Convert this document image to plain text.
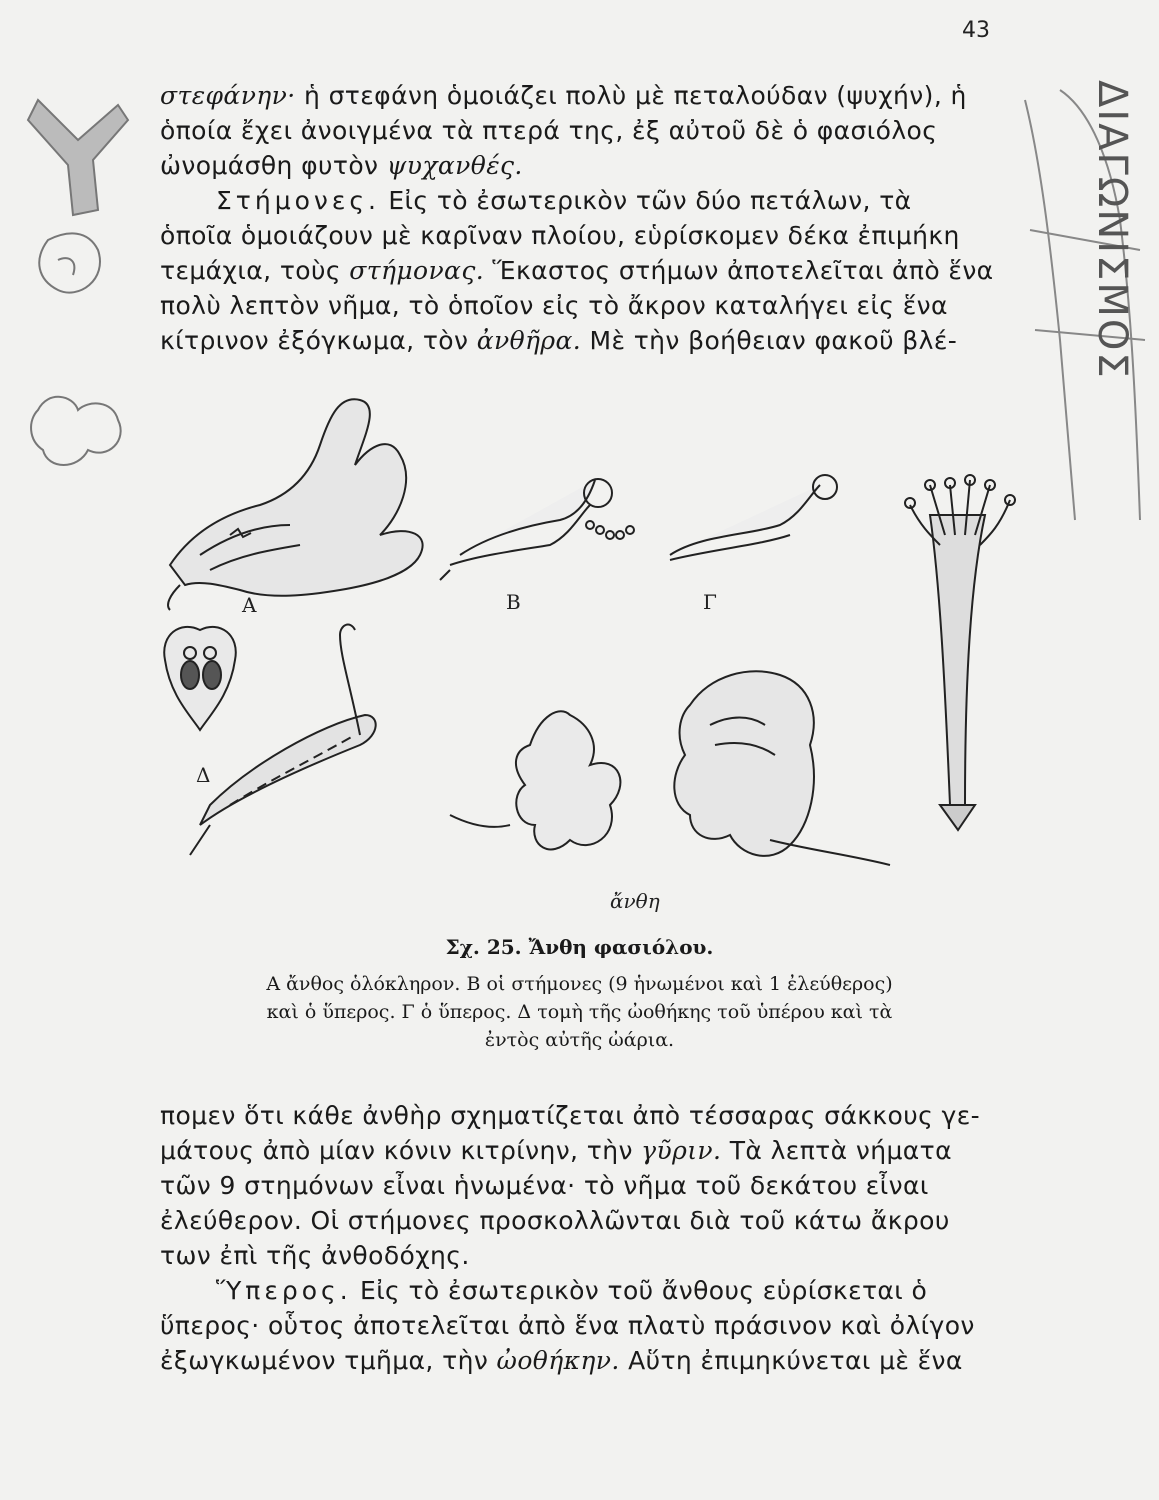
43
στεφάνην· ἡ στεφάνη ὁμοιάζει πολὺ μὲ πεταλούδαν (ψυχήν), ἡ
ὁποία ἔχει ἀνοιγμένα τὰ πτερά της, ἐξ αὐτοῦ δὲ ὁ φασιόλος
ὠνομάσθη φυτὸν ψυχανθές.
Στήμονες. Εἰς τὸ ἐσωτερικὸν τῶν δύο πετάλων, τὰ
ὁποῖα ὁμοιάζουν μὲ καρῖναν πλοίου, εὑρίσκομεν δέκα ἐπιμήκη
τεμάχια, τοὺς στήμονας. Ἕκαστος στήμων ἀποτελεῖται ἀπὸ ἕνα
πολὺ λεπτὸν νῆμα, τὸ ὁποῖον εἰς τὸ ἄκρον καταλήγει εἰς ἕνα
κίτρινον ἐξόγκωμα, τὸν ἀνθῆρα. Μὲ τὴν βοήθειαν φακοῦ βλέ-
Α	Β	Γ
Δ
ἄνθη
Σχ. 25. Ἄνθη φασιόλου.
Α ἄνθος ὁλόκληρον. Β οἱ στήμονες (9 ἡνωμένοι καὶ 1 ἐλεύθερος)
καὶ ὁ ὕπερος. Γ ὁ ὕπερος. Δ τομὴ τῆς ὠοθήκης τοῦ ὑπέρου καὶ τὰ
ἐντὸς αὐτῆς ὠάρια.
πομεν ὅτι κάθε ἀνθὴρ σχηματίζεται ἀπὸ τέσσαρας σάκκους γε-
μάτους ἀπὸ μίαν κόνιν κιτρίνην, τὴν γῦριν. Τὰ λεπτὰ νήματα
τῶν 9 στημόνων εἶναι ἡνωμένα· τὸ νῆμα τοῦ δεκάτου εἶναι
ἐλεύθερον. Οἱ στήμονες προσκολλῶνται διὰ τοῦ κάτω ἄκρου
των ἐπὶ τῆς ἀνθοδόχης.
Ὕπερος. Εἰς τὸ ἐσωτερικὸν τοῦ ἄνθους εὑρίσκεται ὁ
ὕπερος· οὗτος ἀποτελεῖται ἀπὸ ἕνα πλατὺ πράσινον καὶ ὀλίγον
ἐξωγκωμένον τμῆμα, τὴν ὠοθήκην. Αὕτη ἐπιμηκύνεται μὲ ἕνα
ΔΙΑΓΩΝΙΣΜΟΣ
